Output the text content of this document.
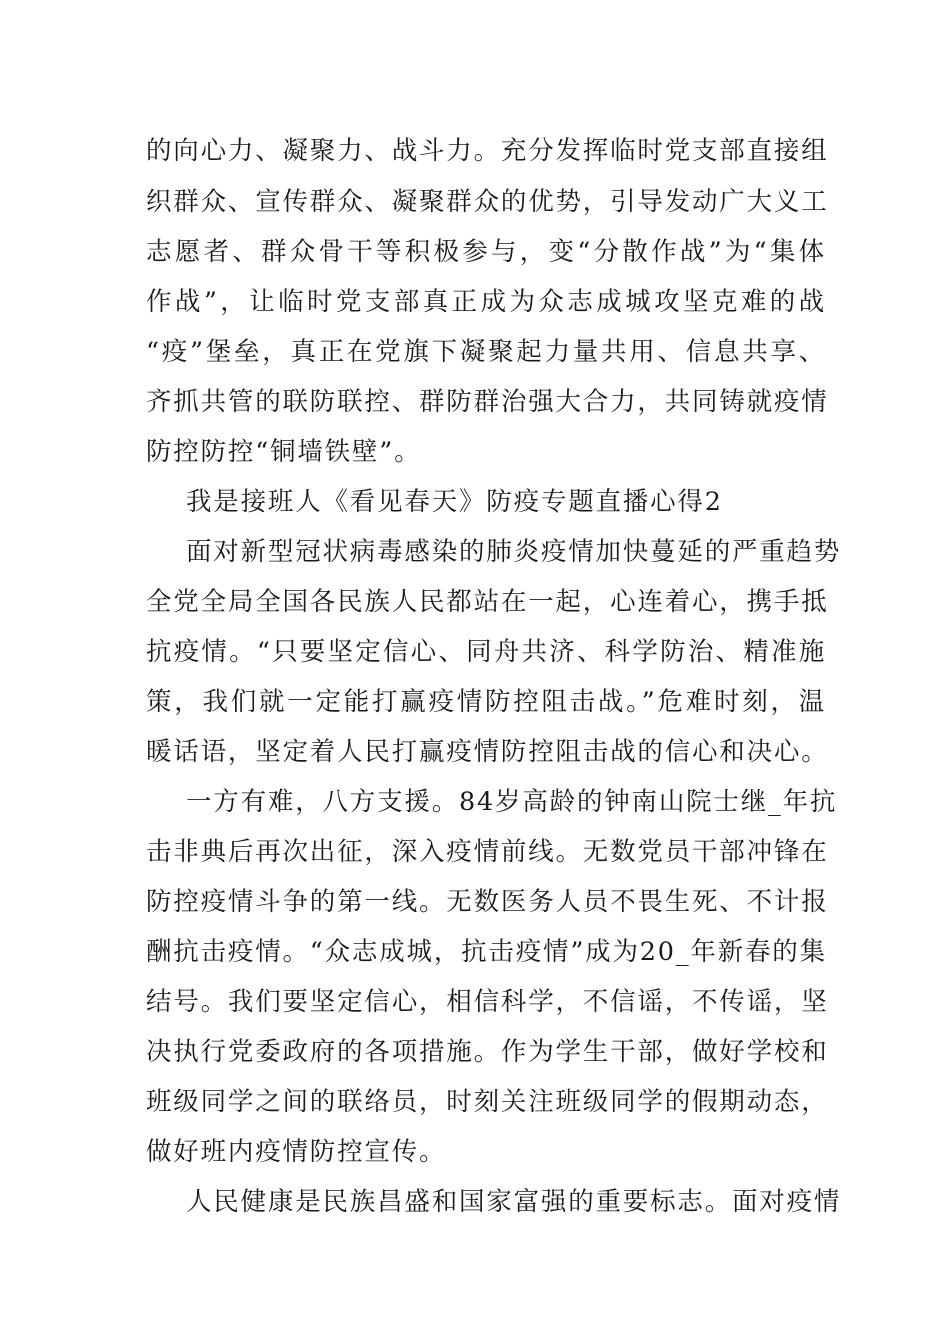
的向心力、凝聚力、战斗力。充分发挥临时党支部直接组
织群众、宣传群众、凝聚群众的优势，引导发动广大义工
志愿者、群众骨干等积极参与，变“分散作战”为“集体
作战”，让临时党支部真正成为众志成城攻坚克难的战
“疫”堡垒，真正在党旗下凝聚起力量共用、信息共享、
齐抓共管的联防联控、群防群治强大合力，共同铸就疫情
防控防控“铜墙铁壁”。
我是接班人《看见春天》防疫专题直播心得2
面对新型冠状病毒感染的肺炎疫情加快蔓延的严重趋势
全党全局全国各民族人民都站在一起，心连着心，携手抵
抗疫情。“只要坚定信心、同舟共济、科学防治、精准施
策，我们就一定能打赢疫情防控阻击战。”危难时刻，温
暖话语，坚定着人民打赢疫情防控阻击战的信心和决心。
一方有难，八方支援。84岁高龄的钟南山院士继_年抗
击非典后再次出征，深入疫情前线。无数党员干部冲锋在
防控疫情斗争的第一线。无数医务人员不畏生死、不计报
酬抗击疫情。“众志成城，抗击疫情”成为20_年新春的集
结号。我们要坚定信心，相信科学，不信谣，不传谣，坚
决执行党委政府的各项措施。作为学生干部，做好学校和
班级同学之间的联络员，时刻关注班级同学的假期动态，
做好班内疫情防控宣传。
人民健康是民族昌盛和国家富强的重要标志。面对疫情
